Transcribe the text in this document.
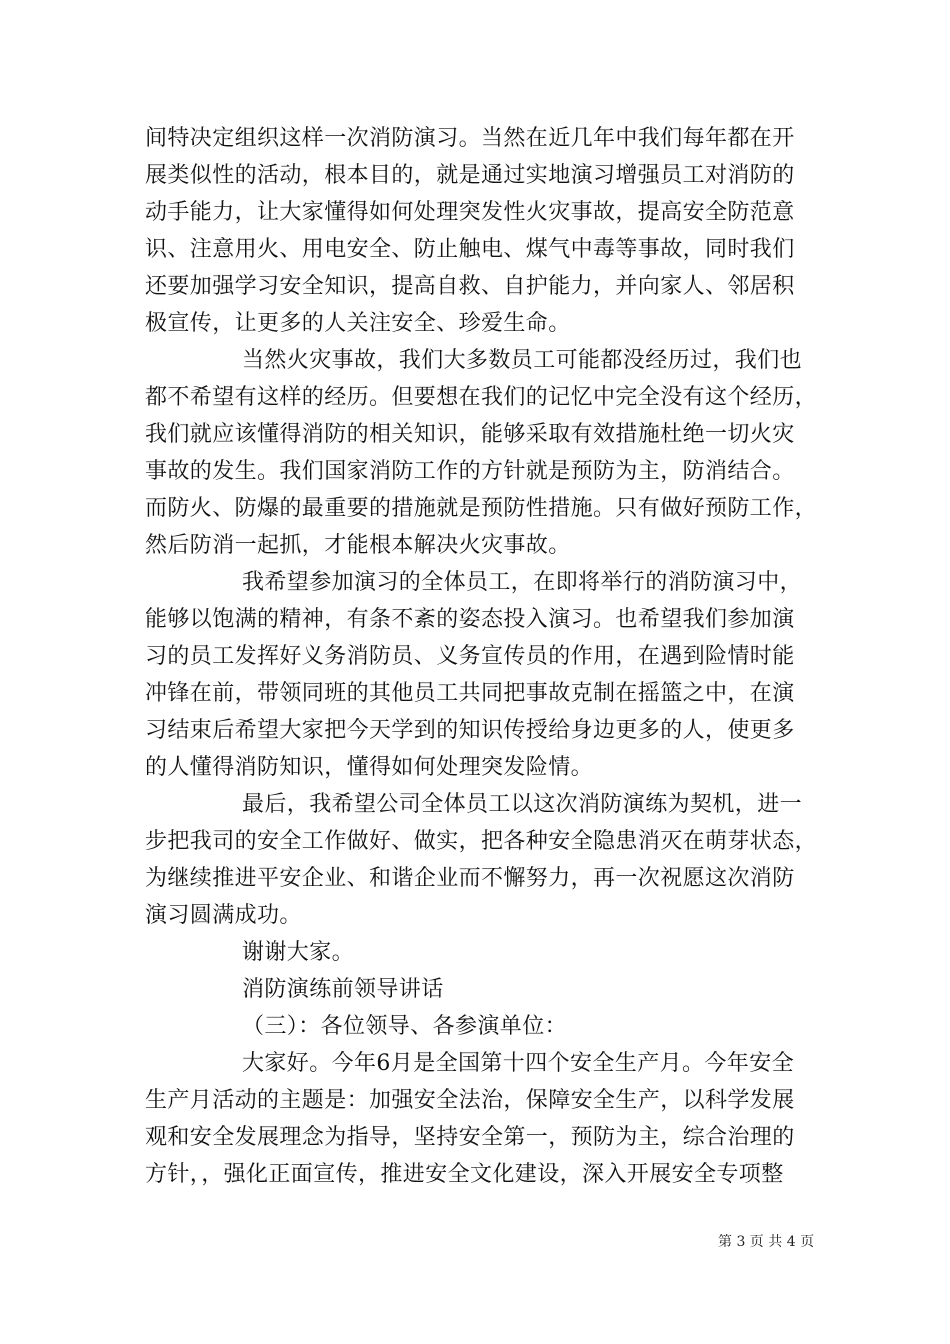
间特决定组织这样一次消防演习。当然在近几年中我们每年都在开
展类似性的活动，根本目的，就是通过实地演习增强员工对消防的
动手能力，让大家懂得如何处理突发性火灾事故，提高安全防范意
识、注意用火、用电安全、防止触电、煤气中毒等事故，同时我们
还要加强学习安全知识，提高自救、自护能力，并向家人、邻居积
极宣传，让更多的人关注安全、珍爱生命。
当然火灾事故，我们大多数员工可能都没经历过，我们也
都不希望有这样的经历。但要想在我们的记忆中完全没有这个经历，
我们就应该懂得消防的相关知识，能够采取有效措施杜绝一切火灾
事故的发生。我们国家消防工作的方针就是预防为主，防消结合。
而防火、防爆的最重要的措施就是预防性措施。只有做好预防工作，
然后防消一起抓，才能根本解决火灾事故。
我希望参加演习的全体员工，在即将举行的消防演习中，
能够以饱满的精神，有条不紊的姿态投入演习。也希望我们参加演
习的员工发挥好义务消防员、义务宣传员的作用，在遇到险情时能
冲锋在前，带领同班的其他员工共同把事故克制在摇篮之中，在演
习结束后希望大家把今天学到的知识传授给身边更多的人，使更多
的人懂得消防知识，懂得如何处理突发险情。
最后，我希望公司全体员工以这次消防演练为契机，进一
步把我司的安全工作做好、做实，把各种安全隐患消灭在萌芽状态，
为继续推进平安企业、和谐企业而不懈努力，再一次祝愿这次消防
演习圆满成功。
谢谢大家。
消防演练前领导讲话
（三）：各位领导、各参演单位：
大家好。今年6月是全国第十四个安全生产月。今年安全
生产月活动的主题是：加强安全法治，保障安全生产，以科学发展
观和安全发展理念为指导，坚持安全第一，预防为主，综合治理的
方针，，强化正面宣传，推进安全文化建设，深入开展安全专项整
第 3 页 共 4 页
